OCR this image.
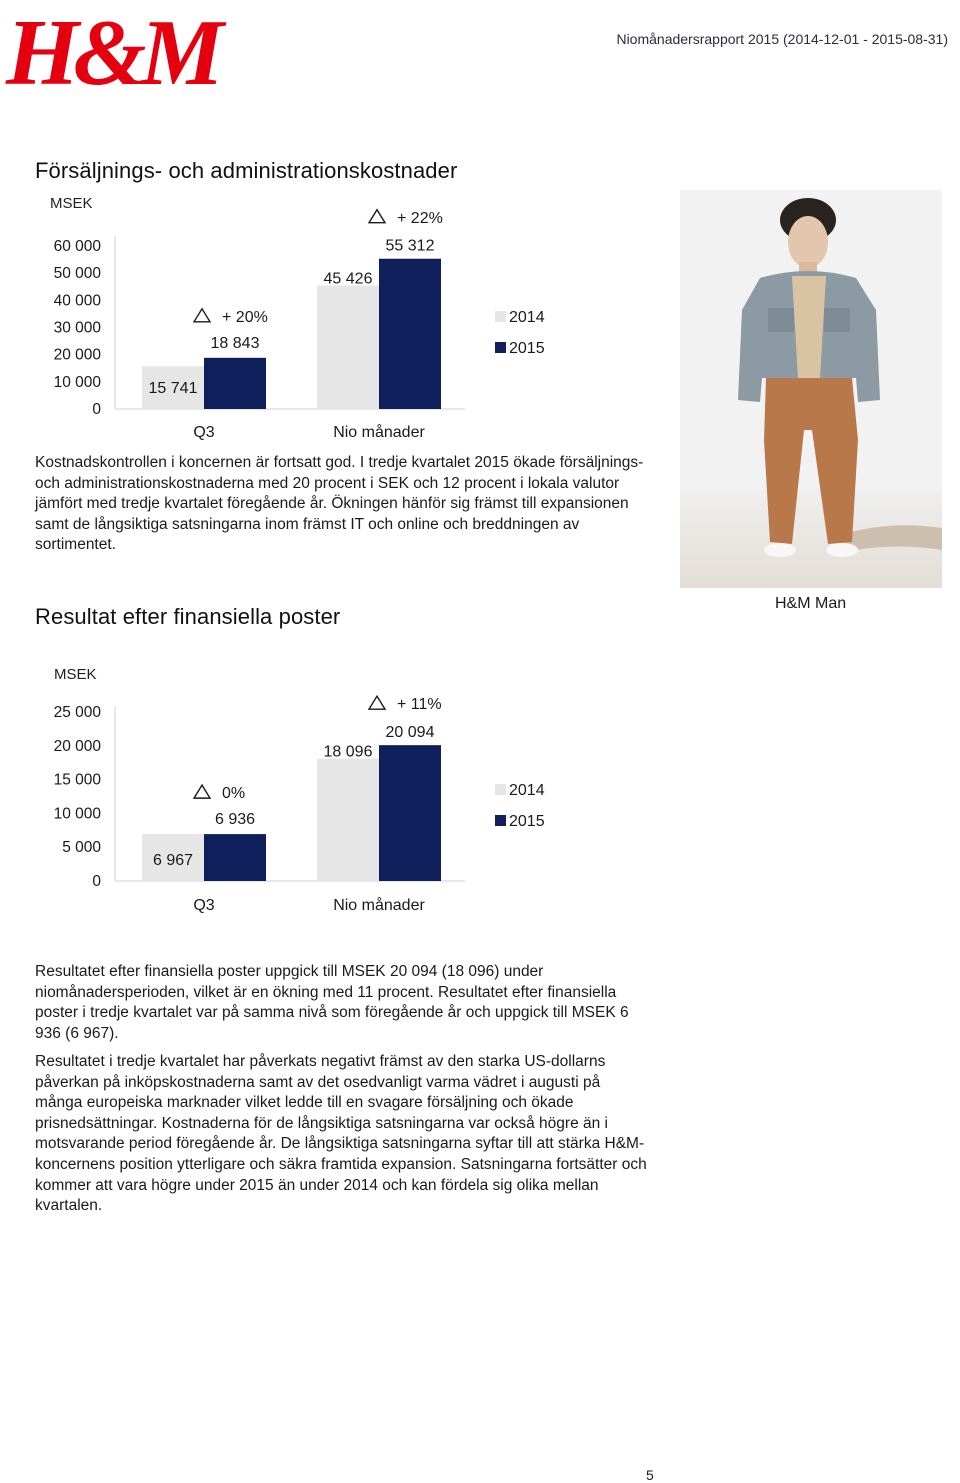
H&M	Niomånadersrapport 2015 (2014-12-01 - 2015-08-31)
Försäljnings- och administrationskostnader
MSEK
0
10 000
20 000
30 000
40 000
50 000
60 000
15 741
18 843
+ 20%
Q3
45 426
55 312
+ 22%
Nio månader
2014
2015
Kostnadskontrollen i koncernen är fortsatt god. I tredje kvartalet 2015 ökade försäljnings- och administrationskostnaderna med 20 procent i SEK och 12 procent i lokala valutor jämfört med tredje kvartalet föregående år. Ökningen hänför sig främst till expansionen samt de långsiktiga satsningarna inom främst IT och online och breddningen av sortimentet.
H&M Man
Resultat efter finansiella poster
MSEK
0
5 000
10 000
15 000
20 000
25 000
6 967
6 936
0%
Q3
18 096
20 094
+ 11%
Nio månader
2014
2015
Resultatet efter finansiella poster uppgick till MSEK 20 094 (18 096) under niomånadersperioden, vilket är en ökning med 11 procent. Resultatet efter finansiella poster i tredje kvartalet var på samma nivå som föregående år och uppgick till MSEK 6 936 (6 967).
Resultatet i tredje kvartalet har påverkats negativt främst av den starka US-dollarns påverkan på inköpskostnaderna samt av det osedvanligt varma vädret i augusti på många europeiska marknader vilket ledde till en svagare försäljning och ökade prisnedsättningar. Kostnaderna för de långsiktiga satsningarna var också högre än i motsvarande period föregående år. De långsiktiga satsningarna syftar till att stärka H&M-koncernens position ytterligare och säkra framtida expansion. Satsningarna fortsätter och kommer att vara högre under 2015 än under 2014 och kan fördela sig olika mellan kvartalen.
5
